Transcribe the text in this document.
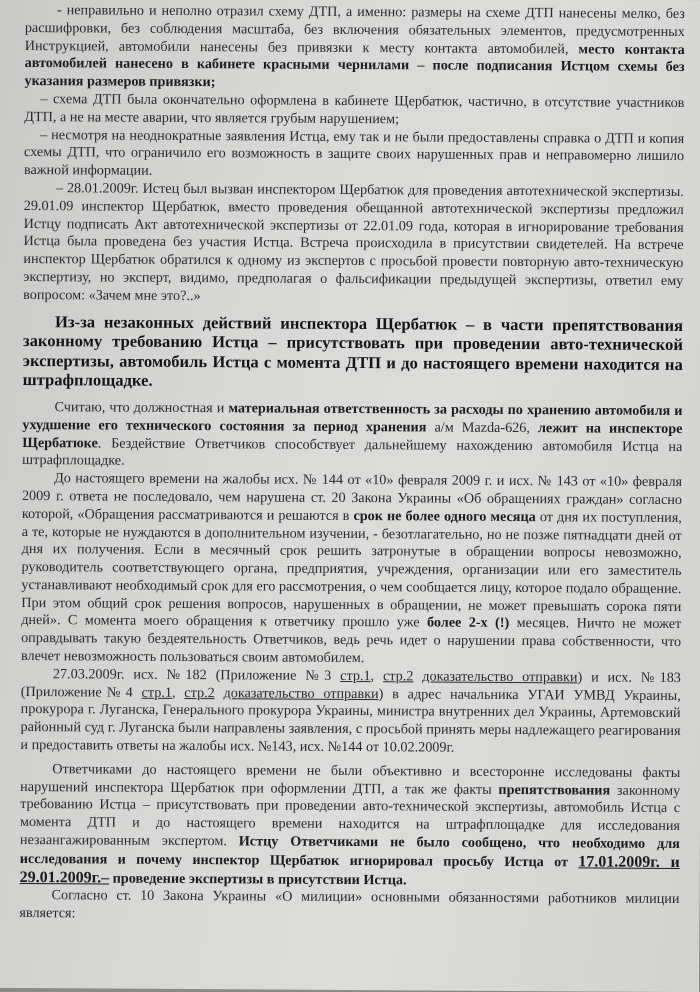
- неправильно и неполно отразил схему ДТП, а именно: размеры на схеме ДТП нанесены мелко, без расшифровки, без соблюдения масштаба, без включения обязательных элементов, предусмотренных Инструкцией, автомобили нанесены без привязки к месту контакта автомобилей, место контакта автомобилей нанесено в кабинете красными чернилами – после подписания Истцом схемы без указания размеров привязки;

– схема ДТП была окончательно оформлена в кабинете Щербатюк, частично, в отсутствие участников ДТП, а не на месте аварии, что является грубым нарушением;

– несмотря на неоднократные заявления Истца, ему так и не были предоставлены справка о ДТП и копия схемы ДТП, что ограничило его возможность в защите своих нарушенных прав и неправомерно лишило важной информации.

– 28.01.2009г. Истец был вызван инспектором Щербатюк для проведения автотехнической экспертизы. 29.01.09 инспектор Щербатюк, вместо проведения обещанной автотехнической экспертизы предложил Истцу подписать Акт автотехнической экспертизы от 22.01.09 года, которая в игнорирование требования Истца была проведена без участия Истца. Встреча происходила в присутствии свидетелей. На встрече инспектор Щербатюк обратился к одному из экспертов с просьбой провести повторную авто-техническую экспертизу, но эксперт, видимо, предполагая о фальсификации предыдущей экспертизы, ответил ему вопросом: «Зачем мне это?..»

Из-за незаконных действий инспектора Щербатюк – в части препятствования законному требованию Истца – присутствовать при проведении авто-технической экспертизы, автомобиль Истца с момента ДТП и до настоящего времени находится на штрафплощадке.

Считаю, что должностная и материальная ответственность за расходы по хранению автомобиля и ухудшение его технического состояния за период хранения а/м Mazda-626, лежит на инспекторе Щербатюке. Бездействие Ответчиков способствует дальнейшему нахождению автомобиля Истца на штрафплощадке.

До настоящего времени на жалобы исх. № 144 от «10» февраля 2009 г. и исх. № 143 от «10» февраля 2009 г. ответа не последовало, чем нарушена ст. 20 Закона Украины «Об обращениях граждан» согласно которой, «Обращения рассматриваются и решаются в срок не более одного месяца от дня их поступления, а те, которые не нуждаются в дополнительном изучении, - безотлагательно, но не позже пятнадцати дней от дня их получения. Если в месячный срок решить затронутые в обращении вопросы невозможно, руководитель соответствующего органа, предприятия, учреждения, организации или его заместитель устанавливают необходимый срок для его рассмотрения, о чем сообщается лицу, которое подало обращение. При этом общий срок решения вопросов, нарушенных в обращении, не может превышать сорока пяти дней». С момента моего обращения к ответчику прошло уже более 2-х (!) месяцев. Ничто не может оправдывать такую бездеятельность Ответчиков, ведь речь идет о нарушении права собственности, что влечет невозможность пользоваться своим автомобилем.

27.03.2009г. исх. №182 (Приложение №3 стр.1, стр.2 доказательство отправки) и исх. №183 (Приложение№4 стр.1, стр.2 доказательство отправки) в адрес начальника УГАИ УМВД Украины, прокурора г. Луганска, Генерального прокурора Украины, министра внутренних дел Украины, Артемовский районный суд г. Луганска были направлены заявления, с просьбой принять меры надлежащего реагирования и предоставить ответы на жалобы исх. №143, исх. №144 от 10.02.2009г.

Ответчиками до настоящего времени не были объективно и всесторонне исследованы факты нарушений инспектора Щербатюк при оформлении ДТП, а так же факты препятствования законному требованию Истца – присутствовать при проведении авто-технической экспертизы, автомобиль Истца с момента ДТП и до настоящего времени находится на штрафплощадке для исследования незаангажированным экспертом. Истцу Ответчиками не было сообщено, что необходимо для исследования и почему инспектор Щербатюк игнорировал просьбу Истца от 17.01.2009г. и 29.01.2009г.– проведение экспертизы в присутствии Истца.

Согласно ст. 10 Закона Украины «О милиции» основными обязанностями работников милиции является:
